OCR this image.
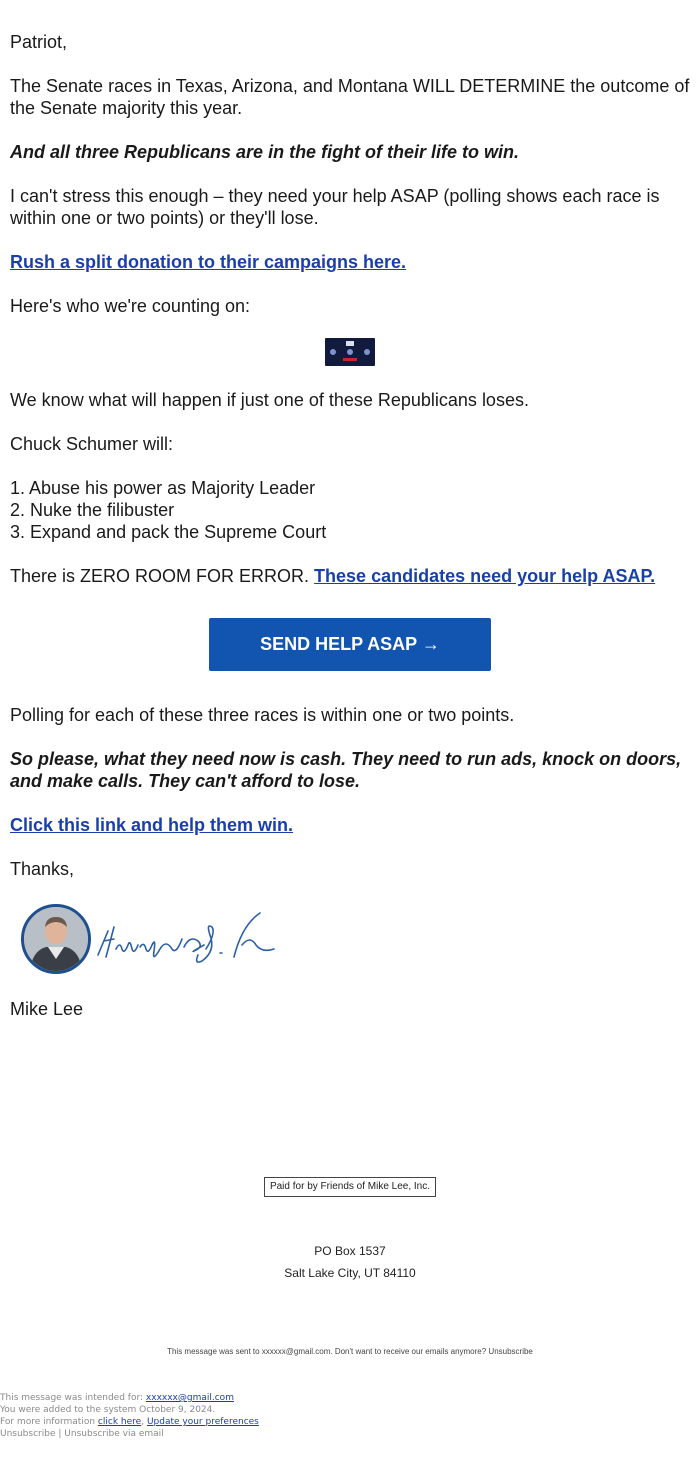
Patriot,

The Senate races in Texas, Arizona, and Montana WILL DETERMINE the outcome of the Senate majority this year.

And all three Republicans are in the fight of their life to win.

I can't stress this enough – they need your help ASAP (polling shows each race is within one or two points) or they'll lose.

Rush a split donation to their campaigns here.

Here's who we're counting on:

We know what will happen if just one of these Republicans loses.

Chuck Schumer will:

1. Abuse his power as Majority Leader

2. Nuke the filibuster

3. Expand and pack the Supreme Court

There is ZERO ROOM FOR ERROR. These candidates need your help ASAP.

SEND HELP ASAP →

Polling for each of these three races is within one or two points.

So please, what they need now is cash. They need to run ads, knock on doors, and make calls. They can't afford to lose.

Click this link and help them win.

Thanks,

Mike Lee

Paid for by Friends of Mike Lee, Inc.
PO Box 1537
Salt Lake City, UT 84110
This message was sent to xxxxxx@gmail.com. Don't want to receive our emails anymore? Unsubscribe
This message was intended for: xxxxxx@gmail.com
You were added to the system October 9, 2024.
For more information click here, Update your preferences
Unsubscribe | Unsubscribe via email
